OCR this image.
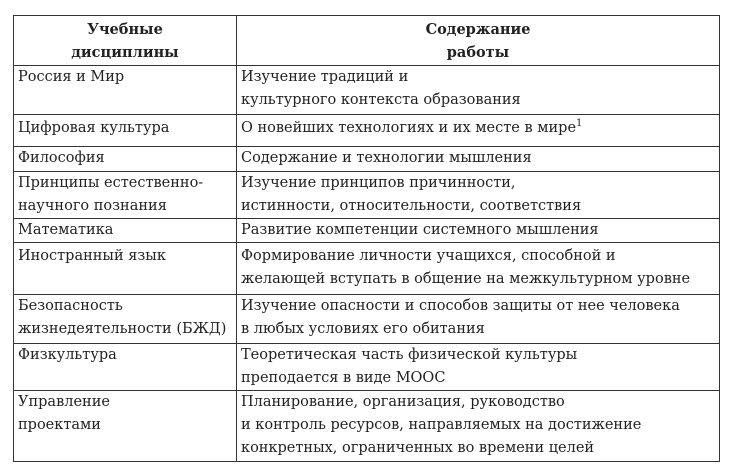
Учебные
дисциплины	Содержание
работы

Россия и Мир	Изучение традиций и
культурного контекста образования

Цифровая культура	О новейших технологиях и их месте в мире$^1$

Философия	Содержание и технологии мышления

Принципы естественно-
научного познания	Изучение принципов причинности,
истинности, относительности, соответствия

Математика	Развитие компетенции системного мышления

Иностранный язык	Формирование личности учащихся, способной и
желающей вступать в общение на межкультурном уровне

Безопасность
жизнедеятельности (БЖД)	Изучение опасности и способов защиты от нее человека
в любых условиях его обитания

Физкультура	Теоретическая часть физической культуры
преподается в виде МООС

Управление
проектами	Планирование, организация, руководство
и контроль ресурсов, направляемых на достижение
конкретных, ограниченных во времени целей
